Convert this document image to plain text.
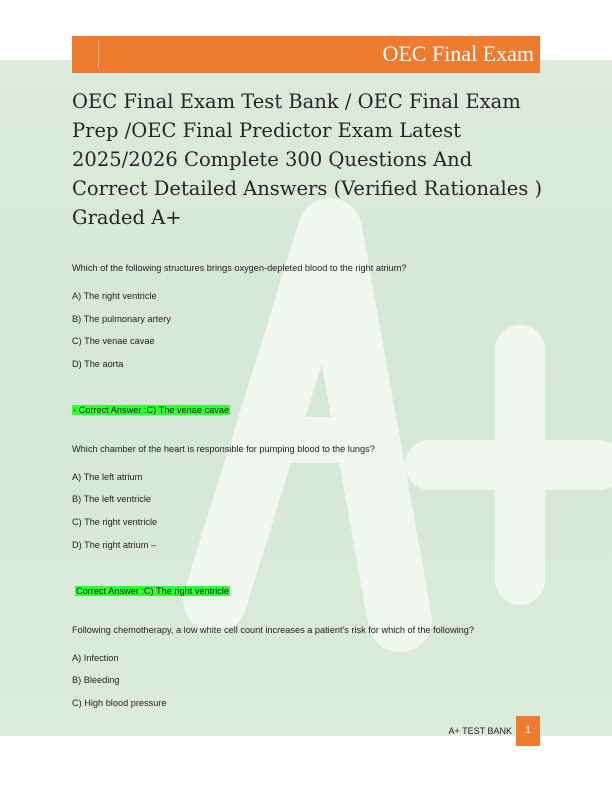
OEC Final Exam
OEC Final Exam Test Bank / OEC Final Exam Prep /OEC Final Predictor Exam Latest 2025/2026 Complete 300 Questions And Correct Detailed Answers (Verified Rationales ) Graded A+

Which of the following structures brings oxygen-depleted blood to the right atrium?

A) The right ventricle

B) The pulmonary artery

C) The venae cavae

D) The aorta

- Correct Answer :C) The venae cavae

Which chamber of the heart is responsible for pumping blood to the lungs?

A) The left atrium

B) The left ventricle

C) The right ventricle

D) The right atrium –

Correct Answer :C) The right ventricle

Following chemotherapy, a low white cell count increases a patient's risk for which of the following?

A) Infection

B) Bleeding

C) High blood pressure

A+ TEST BANK	1
